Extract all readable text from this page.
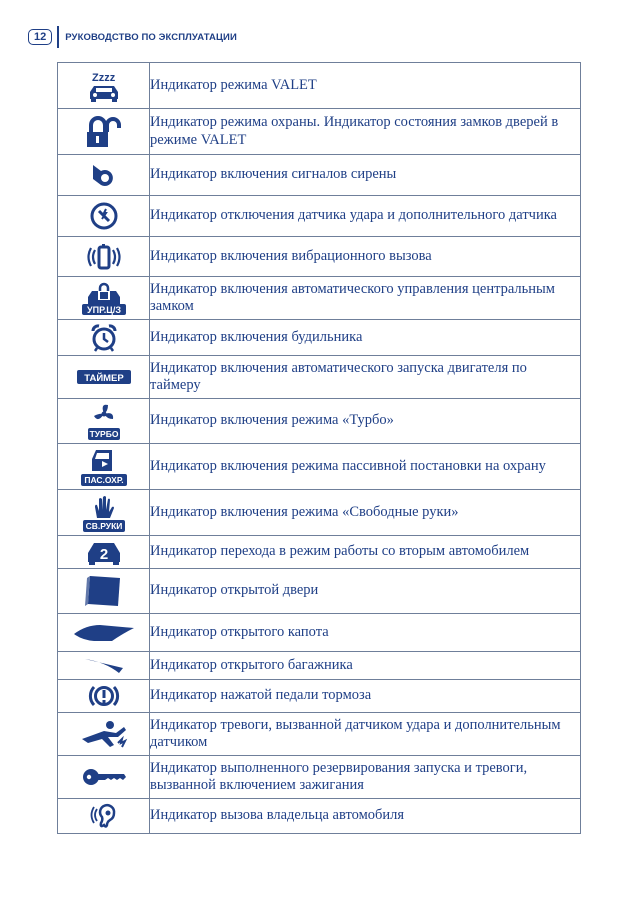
12	РУКОВОДСТВО ПО ЭКСПЛУАТАЦИИ
Zzzz	Индикатор режима VALET

	Индикатор режима охраны. Индикатор состояния замков дверей в режиме VALET

	Индикатор включения сигналов сирены

	Индикатор отключения датчика удара и дополнительного датчика

	Индикатор включения вибрационного вызова

УПР.Ц/З	Индикатор включения автоматического управления центральным замком

	Индикатор включения будильника

ТАЙМЕР	Индикатор включения автоматического запуска двигателя по таймеру

ТУРБО	Индикатор включения режима «Турбо»

ПАС.ОХР.	Индикатор включения режима пассивной постановки на охрану

СВ.РУКИ	Индикатор включения режима «Свободные руки»

2	Индикатор перехода в режим работы со вторым автомобилем

	Индикатор открытой двери

	Индикатор открытого капота

	Индикатор открытого багажника

	Индикатор нажатой педали тормоза

	Индикатор тревоги, вызванной датчиком удара и дополнительным датчиком

	Индикатор выполненного резервирования запуска и тревоги, вызванной включением зажигания

	Индикатор вызова владельца автомобиля
